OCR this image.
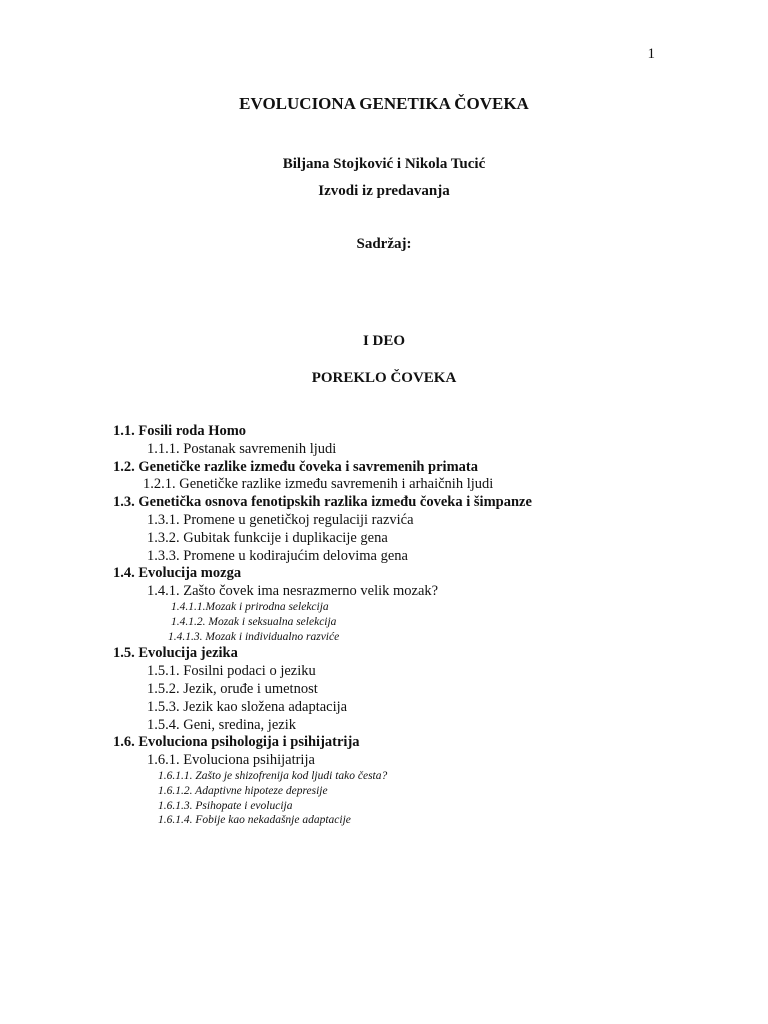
1
EVOLUCIONA GENETIKA ČOVEKA
Biljana Stojković i Nikola Tucić
Izvodi iz predavanja
Sadržaj:
I DEO
POREKLO ČOVEKA
1.1. Fosili roda Homo
1.1.1. Postanak savremenih ljudi
1.2. Genetičke razlike između čoveka i savremenih primata
1.2.1. Genetičke razlike između savremenih i arhaičnih ljudi
1.3. Genetička osnova fenotipskih razlika između čoveka i šimpanze
1.3.1. Promene u genetičkoj regulaciji razvića
1.3.2. Gubitak funkcije i duplikacije gena
1.3.3. Promene u kodirajućim delovima gena
1.4. Evolucija mozga
1.4.1. Zašto čovek ima nesrazmerno velik mozak?
1.4.1.1.Mozak i prirodna selekcija
1.4.1.2. Mozak i seksualna selekcija
1.4.1.3. Mozak i individualno razviće
1.5. Evolucija jezika
1.5.1. Fosilni podaci o jeziku
1.5.2. Jezik, oruđe i umetnost
1.5.3. Jezik kao složena adaptacija
1.5.4. Geni, sredina, jezik
1.6. Evoluciona psihologija i psihijatrija
1.6.1. Evoluciona psihijatrija
1.6.1.1. Zašto je shizofrenija kod ljudi tako česta?
1.6.1.2. Adaptivne hipoteze depresije
1.6.1.3. Psihopate i evolucija
1.6.1.4. Fobije kao nekadašnje adaptacije
